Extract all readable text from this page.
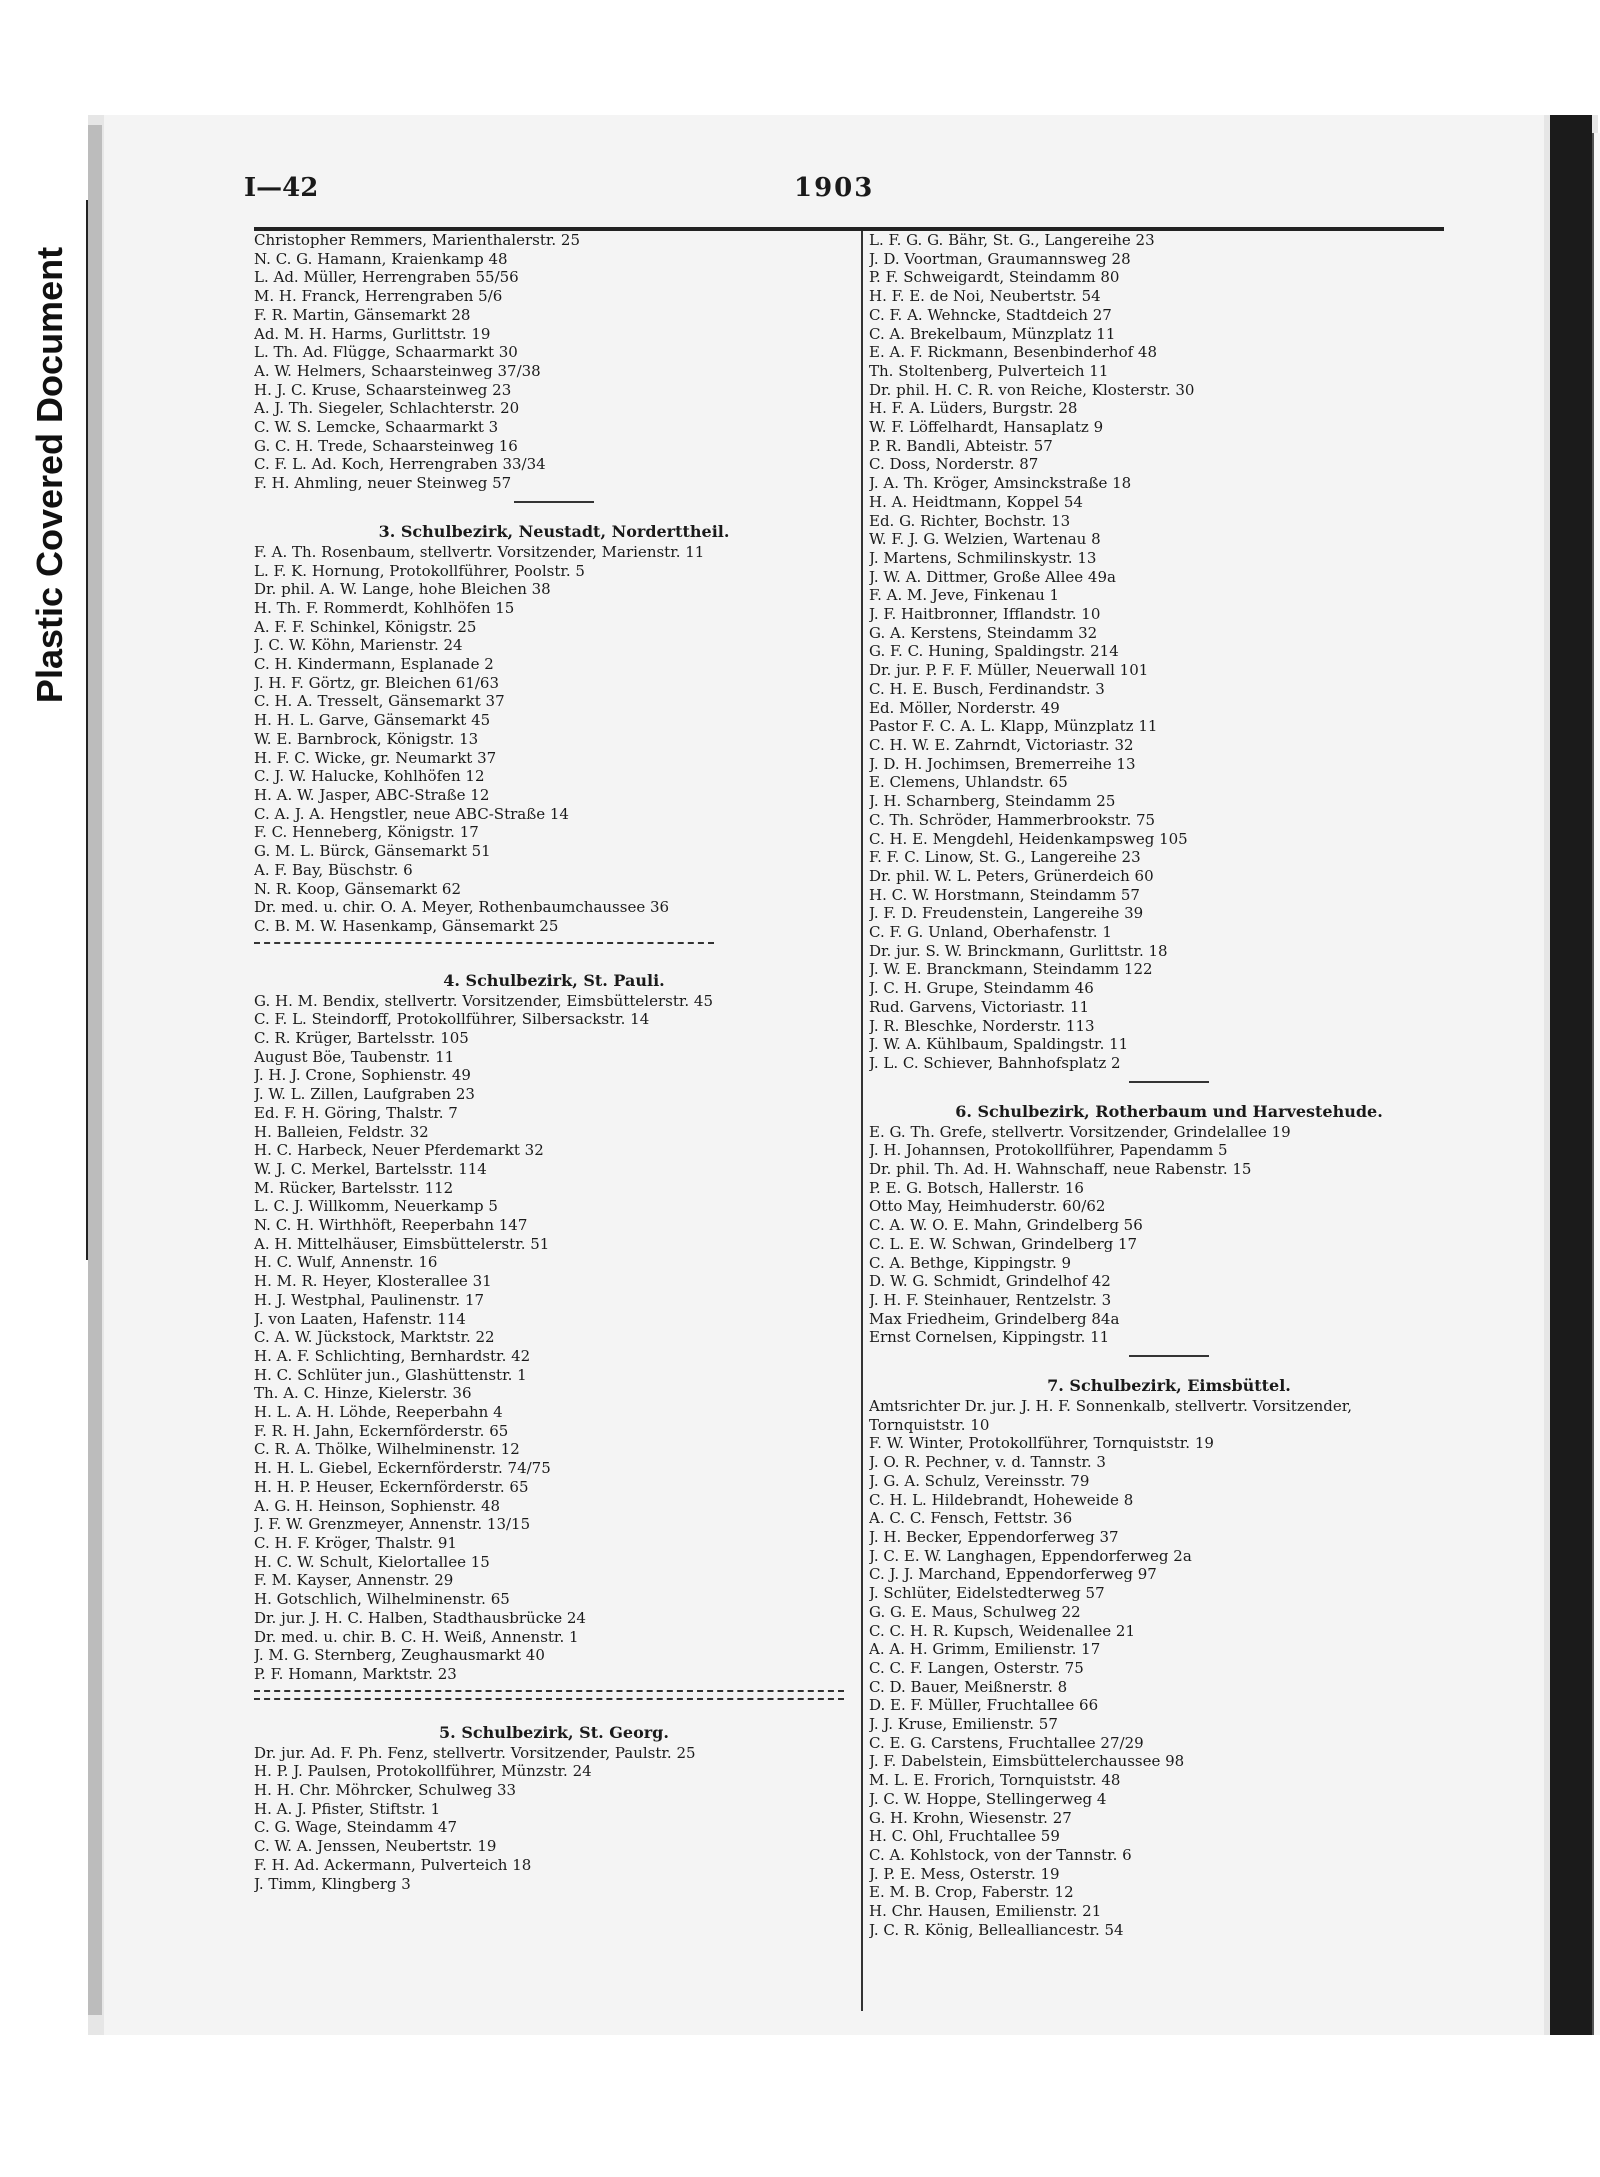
Plastic Covered Document
I—42	1903
Christopher Remmers, Marienthalerstr. 25
N. C. G. Hamann, Kraienkamp 48
L. Ad. Müller, Herrengraben 55/56
M. H. Franck, Herrengraben 5/6
F. R. Martin, Gänsemarkt 28
Ad. M. H. Harms, Gurlittstr. 19
L. Th. Ad. Flügge, Schaarmarkt 30
A. W. Helmers, Schaarsteinweg 37/38
H. J. C. Kruse, Schaarsteinweg 23
A. J. Th. Siegeler, Schlachterstr. 20
C. W. S. Lemcke, Schaarmarkt 3
G. C. H. Trede, Schaarsteinweg 16
C. F. L. Ad. Koch, Herrengraben 33/34
F. H. Ahmling, neuer Steinweg 57
3. Schulbezirk, Neustadt, Norderttheil.
F. A. Th. Rosenbaum, stellvertr. Vorsitzender, Marienstr. 11
L. F. K. Hornung, Protokollführer, Poolstr. 5
Dr. phil. A. W. Lange, hohe Bleichen 38
H. Th. F. Rommerdt, Kohlhöfen 15
A. F. F. Schinkel, Königstr. 25
J. C. W. Köhn, Marienstr. 24
C. H. Kindermann, Esplanade 2
J. H. F. Görtz, gr. Bleichen 61/63
C. H. A. Tresselt, Gänsemarkt 37
H. H. L. Garve, Gänsemarkt 45
W. E. Barnbrock, Königstr. 13
H. F. C. Wicke, gr. Neumarkt 37
C. J. W. Halucke, Kohlhöfen 12
H. A. W. Jasper, ABC-Straße 12
C. A. J. A. Hengstler, neue ABC-Straße 14
F. C. Henneberg, Königstr. 17
G. M. L. Bürck, Gänsemarkt 51
A. F. Bay, Büschstr. 6
N. R. Koop, Gänsemarkt 62
Dr. med. u. chir. O. A. Meyer, Rothenbaumchaussee 36
C. B. M. W. Hasenkamp, Gänsemarkt 25
4. Schulbezirk, St. Pauli.
G. H. M. Bendix, stellvertr. Vorsitzender, Eimsbüttelerstr. 45
C. F. L. Steindorff, Protokollführer, Silbersackstr. 14
C. R. Krüger, Bartelsstr. 105
August Böe, Taubenstr. 11
J. H. J. Crone, Sophienstr. 49
J. W. L. Zillen, Laufgraben 23
Ed. F. H. Göring, Thalstr. 7
H. Balleien, Feldstr. 32
H. C. Harbeck, Neuer Pferdemarkt 32
W. J. C. Merkel, Bartelsstr. 114
M. Rücker, Bartelsstr. 112
L. C. J. Willkomm, Neuerkamp 5
N. C. H. Wirthhöft, Reeperbahn 147
A. H. Mittelhäuser, Eimsbüttelerstr. 51
H. C. Wulf, Annenstr. 16
H. M. R. Heyer, Klosterallee 31
H. J. Westphal, Paulinenstr. 17
J. von Laaten, Hafenstr. 114
C. A. W. Jückstock, Marktstr. 22
H. A. F. Schlichting, Bernhardstr. 42
H. C. Schlüter jun., Glashüttenstr. 1
Th. A. C. Hinze, Kielerstr. 36
H. L. A. H. Löhde, Reeperbahn 4
F. R. H. Jahn, Eckernförderstr. 65
C. R. A. Thölke, Wilhelminenstr. 12
H. H. L. Giebel, Eckernförderstr. 74/75
H. H. P. Heuser, Eckernförderstr. 65
A. G. H. Heinson, Sophienstr. 48
J. F. W. Grenzmeyer, Annenstr. 13/15
C. H. F. Kröger, Thalstr. 91
H. C. W. Schult, Kielortallee 15
F. M. Kayser, Annenstr. 29
H. Gotschlich, Wilhelminenstr. 65
Dr. jur. J. H. C. Halben, Stadthausbrücke 24
Dr. med. u. chir. B. C. H. Weiß, Annenstr. 1
J. M. G. Sternberg, Zeughausmarkt 40
P. F. Homann, Marktstr. 23
5. Schulbezirk, St. Georg.
Dr. jur. Ad. F. Ph. Fenz, stellvertr. Vorsitzender, Paulstr. 25
H. P. J. Paulsen, Protokollführer, Münzstr. 24
H. H. Chr. Möhrcker, Schulweg 33
H. A. J. Pfister, Stiftstr. 1
C. G. Wage, Steindamm 47
C. W. A. Jenssen, Neubertstr. 19
F. H. Ad. Ackermann, Pulverteich 18
J. Timm, Klingberg 3
L. F. G. G. Bähr, St. G., Langereihe 23
J. D. Voortman, Graumannsweg 28
P. F. Schweigardt, Steindamm 80
H. F. E. de Noi, Neubertstr. 54
C. F. A. Wehncke, Stadtdeich 27
C. A. Brekelbaum, Münzplatz 11
E. A. F. Rickmann, Besenbinderhof 48
Th. Stoltenberg, Pulverteich 11
Dr. phil. H. C. R. von Reiche, Klosterstr. 30
H. F. A. Lüders, Burgstr. 28
W. F. Löffelhardt, Hansaplatz 9
P. R. Bandli, Abteistr. 57
C. Doss, Norderstr. 87
J. A. Th. Kröger, Amsinckstraße 18
H. A. Heidtmann, Koppel 54
Ed. G. Richter, Bochstr. 13
W. F. J. G. Welzien, Wartenau 8
J. Martens, Schmilinskystr. 13
J. W. A. Dittmer, Große Allee 49a
F. A. M. Jeve, Finkenau 1
J. F. Haitbronner, Ifflandstr. 10
G. A. Kerstens, Steindamm 32
G. F. C. Huning, Spaldingstr. 214
Dr. jur. P. F. F. Müller, Neuerwall 101
C. H. E. Busch, Ferdinandstr. 3
Ed. Möller, Norderstr. 49
Pastor F. C. A. L. Klapp, Münzplatz 11
C. H. W. E. Zahrndt, Victoriastr. 32
J. D. H. Jochimsen, Bremerreihe 13
E. Clemens, Uhlandstr. 65
J. H. Scharnberg, Steindamm 25
C. Th. Schröder, Hammerbrookstr. 75
C. H. E. Mengdehl, Heidenkampsweg 105
F. F. C. Linow, St. G., Langereihe 23
Dr. phil. W. L. Peters, Grünerdeich 60
H. C. W. Horstmann, Steindamm 57
J. F. D. Freudenstein, Langereihe 39
C. F. G. Unland, Oberhafenstr. 1
Dr. jur. S. W. Brinckmann, Gurlittstr. 18
J. W. E. Branckmann, Steindamm 122
J. C. H. Grupe, Steindamm 46
Rud. Garvens, Victoriastr. 11
J. R. Bleschke, Norderstr. 113
J. W. A. Kühlbaum, Spaldingstr. 11
J. L. C. Schiever, Bahnhofsplatz 2
6. Schulbezirk, Rotherbaum und Harvestehude.
E. G. Th. Grefe, stellvertr. Vorsitzender, Grindelallee 19
J. H. Johannsen, Protokollführer, Papendamm 5
Dr. phil. Th. Ad. H. Wahnschaff, neue Rabenstr. 15
P. E. G. Botsch, Hallerstr. 16
Otto May, Heimhuderstr. 60/62
C. A. W. O. E. Mahn, Grindelberg 56
C. L. E. W. Schwan, Grindelberg 17
C. A. Bethge, Kippingstr. 9
D. W. G. Schmidt, Grindelhof 42
J. H. F. Steinhauer, Rentzelstr. 3
Max Friedheim, Grindelberg 84a
Ernst Cornelsen, Kippingstr. 11
7. Schulbezirk, Eimsbüttel.
Amtsrichter Dr. jur. J. H. F. Sonnenkalb, stellvertr. Vorsitzender,
Tornquiststr. 10
F. W. Winter, Protokollführer, Tornquiststr. 19
J. O. R. Pechner, v. d. Tannstr. 3
J. G. A. Schulz, Vereinsstr. 79
C. H. L. Hildebrandt, Hoheweide 8
A. C. C. Fensch, Fettstr. 36
J. H. Becker, Eppendorferweg 37
J. C. E. W. Langhagen, Eppendorferweg 2a
C. J. J. Marchand, Eppendorferweg 97
J. Schlüter, Eidelstedterweg 57
G. G. E. Maus, Schulweg 22
C. C. H. R. Kupsch, Weidenallee 21
A. A. H. Grimm, Emilienstr. 17
C. C. F. Langen, Osterstr. 75
C. D. Bauer, Meißnerstr. 8
D. E. F. Müller, Fruchtallee 66
J. J. Kruse, Emilienstr. 57
C. E. G. Carstens, Fruchtallee 27/29
J. F. Dabelstein, Eimsbüttelerchaussee 98
M. L. E. Frorich, Tornquiststr. 48
J. C. W. Hoppe, Stellingerweg 4
G. H. Krohn, Wiesenstr. 27
H. C. Ohl, Fruchtallee 59
C. A. Kohlstock, von der Tannstr. 6
J. P. E. Mess, Osterstr. 19
E. M. B. Crop, Faberstr. 12
H. Chr. Hausen, Emilienstr. 21
J. C. R. König, Bellealliancestr. 54
